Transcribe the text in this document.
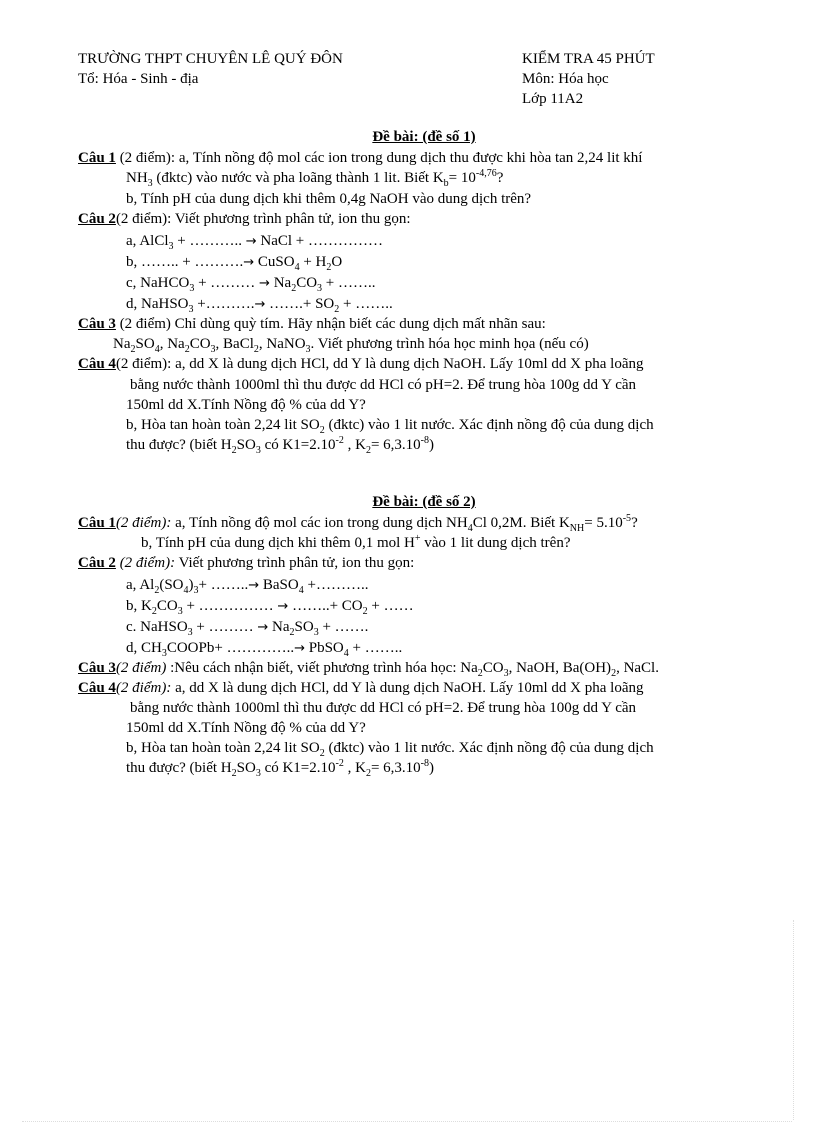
TRƯỜNG THPT CHUYÊN LÊ QUÝ ĐÔN
Tổ: Hóa - Sinh - địa
KIỂM TRA 45 PHÚT
Môn: Hóa học
Lớp 11A2
Đề bài: (đề số 1)
Câu 1 (2 điểm): a, Tính nồng độ mol các ion trong dung dịch thu được khi hòa tan 2,24 lit khí
$NH_3$ (đktc) vào nước và pha loãng thành 1 lit. Biết $K_b= 10^{-4,76}$?
b, Tính pH của dung dịch khi thêm 0,4g NaOH vào dung dịch trên?
Câu 2(2 điểm): Viết phương trình phân tử, ion thu gọn:
a, AlCl$_3$ + ……….. → NaCl + ……………
b, …….. + ……….→ CuSO$_4$ + $H_2O$
c, NaHCO$_3$ + ……… → $Na_2CO_3$ + ……..
d, NaHSO$_3$ +……….→ …….+ $SO_2$ + ……..
Câu 3 (2 điểm) Chỉ dùng quỳ tím. Hãy nhận biết các dung dịch mất nhãn sau:
$Na_2SO_4$, $Na_2CO_3$, BaCl$_2$, NaNO$_3$. Viết phương trình hóa học minh họa (nếu có)
Câu 4(2 điểm): a, dd X là dung dịch HCl, dd Y là dung dịch NaOH. Lấy 10ml dd X pha loãng
bằng nước thành 1000ml thì thu được dd HCl có pH=2. Để trung hòa 100g dd Y cần
150ml dd X.Tính Nồng độ % của dd Y?
b, Hòa tan hoàn toàn 2,24 lit $SO_2$ (đktc) vào 1 lit nước. Xác định nồng độ của dung dịch
thu được? (biết $H_2SO_3$ có $K1=2.10^{-2}$ , $K_2= 6,3.10^{-8}$)
Đề bài: (đề số 2)
Câu 1(2 điểm): a, Tính nồng độ mol các ion trong dung dịch $NH_4Cl$ 0,2M. Biết $K_{NH}= 5.10^{-5}$?
b, Tính pH của dung dịch khi thêm 0,1 mol H+ vào 1 lit dung dịch trên?
Câu 2 (2 điểm): Viết phương trình phân tử, ion thu gọn:
a, $Al_2(SO_4)_3+$ ……..→ BaSO$_4$ +………..
b, $K_2CO_3$ + …………… → ……..+ $CO_2$ + ……
c. NaHSO$_3$ + ……… → $Na_2SO_3$ + …….
d, $CH_3COOPb+$ …………..→ PbSO$_4$ + ……..
Câu 3(2 điểm) :Nêu cách nhận biết, viết phương trình hóa học: $Na_2CO_3$, NaOH, $Ba(OH)_2$, NaCl.
Câu 4(2 điểm): a, dd X là dung dịch HCl, dd Y là dung dịch NaOH. Lấy 10ml dd X pha loãng
bằng nước thành 1000ml thì thu được dd HCl có pH=2. Để trung hòa 100g dd Y cần
150ml dd X.Tính Nồng độ % của dd Y?
b, Hòa tan hoàn toàn 2,24 lit $SO_2$ (đktc) vào 1 lit nước. Xác định nồng độ của dung dịch
thu được? (biết $H_2SO_3$ có $K1=2.10^{-2}$ , $K_2= 6,3.10^{-8}$)
